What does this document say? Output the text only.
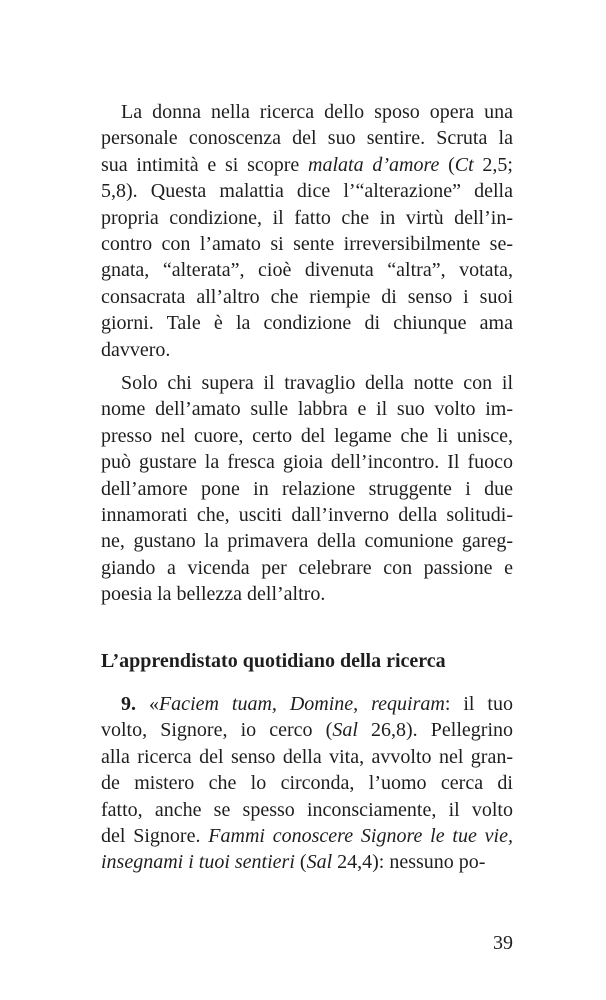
La donna nella ricerca dello sposo opera una
personale conoscenza del suo sentire. Scruta la
sua intimità e si scopre malata d’amore (Ct 2,5;
5,8). Questa malattia dice l’“alterazione” della
propria condizione, il fatto che in virtù dell’in-
contro con l’amato si sente irreversibilmente se-
gnata, “alterata”, cioè divenuta “altra”, votata,
consacrata all’altro che riempie di senso i suoi
giorni. Tale è la condizione di chiunque ama
davvero.
Solo chi supera il travaglio della notte con il
nome dell’amato sulle labbra e il suo volto im-
presso nel cuore, certo del legame che li unisce,
può gustare la fresca gioia dell’incontro. Il fuoco
dell’amore pone in relazione struggente i due
innamorati che, usciti dall’inverno della solitudi-
ne, gustano la primavera della comunione gareg-
giando a vicenda per celebrare con passione e
poesia la bellezza dell’altro.
9. «Faciem tuam, Domine, requiram: il tuo
volto, Signore, io cerco (Sal 26,8). Pellegrino
alla ricerca del senso della vita, avvolto nel gran-
de mistero che lo circonda, l’uomo cerca di
fatto, anche se spesso inconsciamente, il volto
del Signore. Fammi conoscere Signore le tue vie,
insegnami i tuoi sentieri (Sal 24,4): nessuno po-
L’apprendistato quotidiano della ricerca
39
